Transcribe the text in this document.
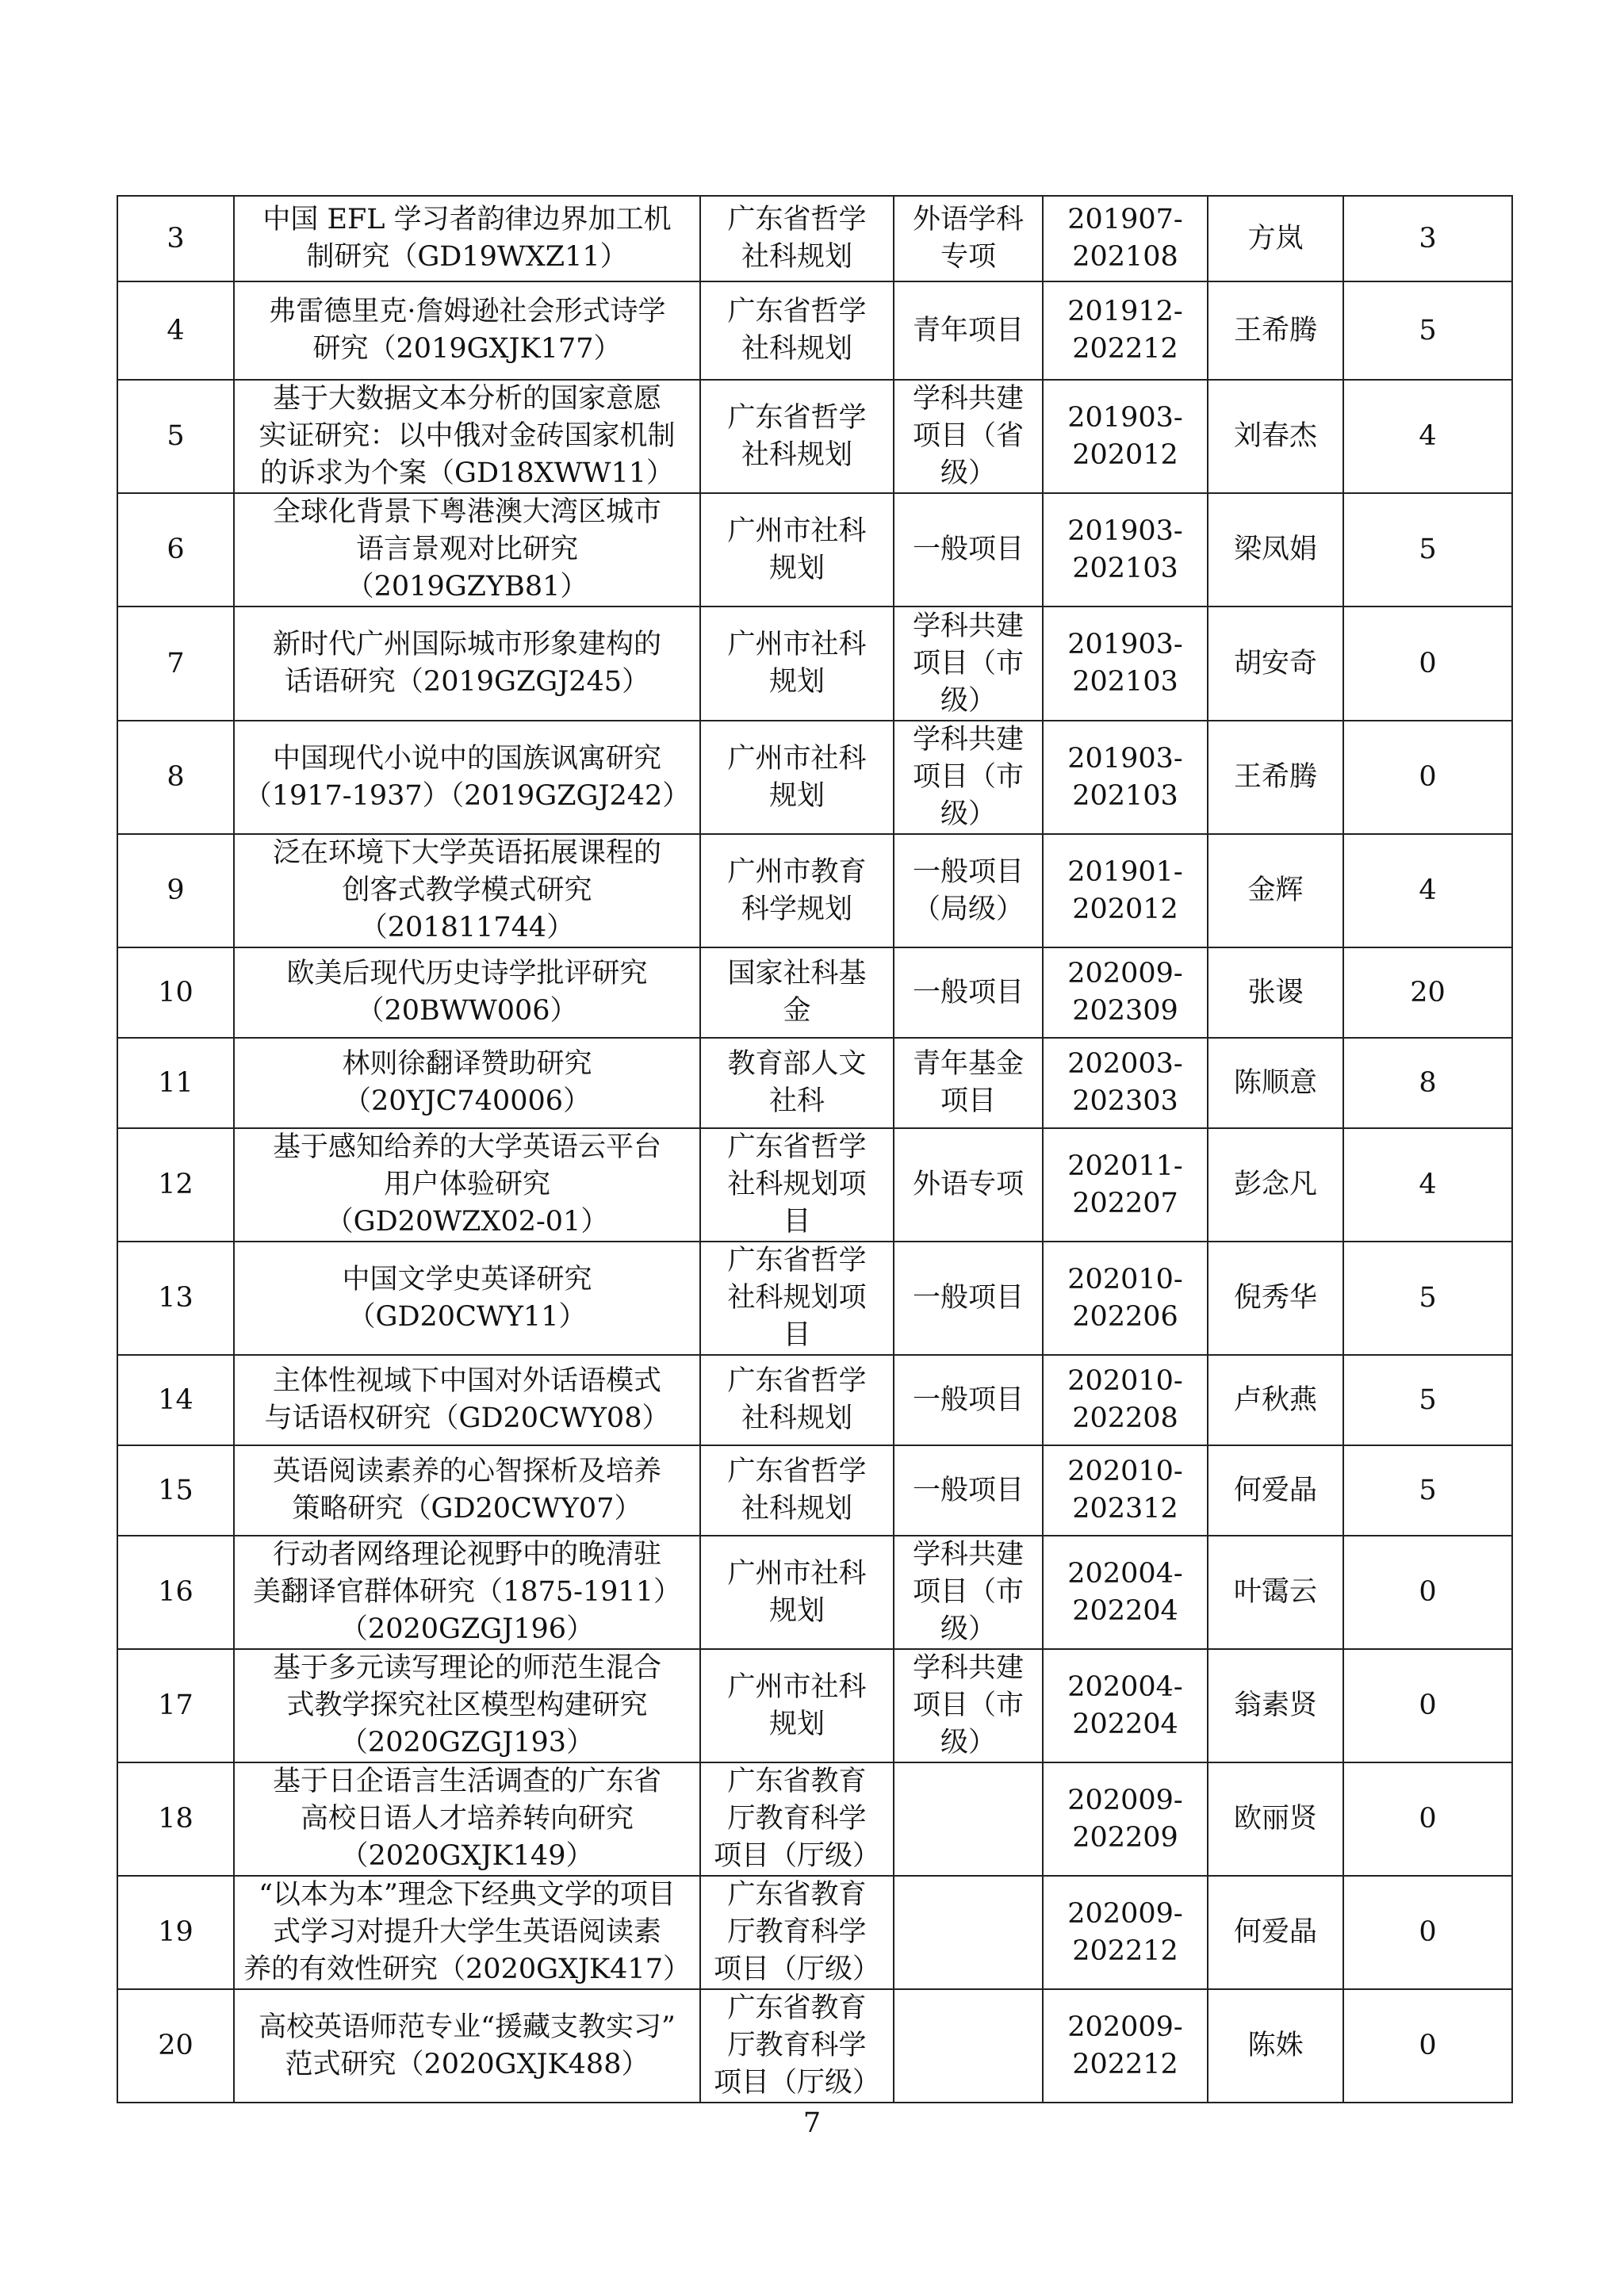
3	中国 EFL 学习者韵律边界加工机
制研究（GD19WXZ11）	广东省哲学
社科规划	外语学科
专项	201907-
202108	方岚	3
4	弗雷德里克·詹姆逊社会形式诗学
研究（2019GXJK177）	广东省哲学
社科规划	青年项目	201912-
202212	王希腾	5
5	基于大数据文本分析的国家意愿
实证研究：以中俄对金砖国家机制
的诉求为个案（GD18XWW11）	广东省哲学
社科规划	学科共建
项目（省
级）	201903-
202012	刘春杰	4
6	全球化背景下粤港澳大湾区城市
语言景观对比研究（2019GZYB81）	广州市社科
规划	一般项目	201903-
202103	梁凤娟	5
7	新时代广州国际城市形象建构的
话语研究（2019GZGJ245）	广州市社科
规划	学科共建
项目（市
级）	201903-
202103	胡安奇	0
8	中国现代小说中的国族讽寓研究
（1917-1937）（2019GZGJ242）	广州市社科
规划	学科共建
项目（市
级）	201903-
202103	王希腾	0
9	泛在环境下大学英语拓展课程的
创客式教学模式研究（201811744）	广州市教育
科学规划	一般项目
（局级）	201901-
202012	金辉	4
10	欧美后现代历史诗学批评研究
（20BWW006）	国家社科基
金	一般项目	202009-
202309	张谡	20
11	林则徐翻译赞助研究
（20YJC740006）	教育部人文
社科	青年基金
项目	202003-
202303	陈顺意	8
12	基于感知给养的大学英语云平台
用户体验研究
（GD20WZX02-01）	广东省哲学
社科规划项
目	外语专项	202011-
202207	彭念凡	4
13	中国文学史英译研究
（GD20CWY11）	广东省哲学
社科规划项
目	一般项目	202010-
202206	倪秀华	5
14	主体性视域下中国对外话语模式
与话语权研究（GD20CWY08）	广东省哲学
社科规划	一般项目	202010-
202208	卢秋燕	5
15	英语阅读素养的心智探析及培养
策略研究（GD20CWY07）	广东省哲学
社科规划	一般项目	202010-
202312	何爱晶	5
16	行动者网络理论视野中的晚清驻
美翻译官群体研究（1875-1911）
（2020GZGJ196）	广州市社科
规划	学科共建
项目（市
级）	202004-
202204	叶霭云	0
17	基于多元读写理论的师范生混合
式教学探究社区模型构建研究
（2020GZGJ193）	广州市社科
规划	学科共建
项目（市
级）	202004-
202204	翁素贤	0
18	基于日企语言生活调查的广东省
高校日语人才培养转向研究
（2020GXJK149）	广东省教育
厅教育科学
项目（厅级）		202009-
202209	欧丽贤	0
19	“以本为本”理念下经典文学的项目
式学习对提升大学生英语阅读素
养的有效性研究（2020GXJK417）	广东省教育
厅教育科学
项目（厅级）		202009-
202212	何爱晶	0
20	高校英语师范专业“援藏支教实习”
范式研究（2020GXJK488）	广东省教育
厅教育科学
项目（厅级）		202009-
202212	陈姝	0
7
